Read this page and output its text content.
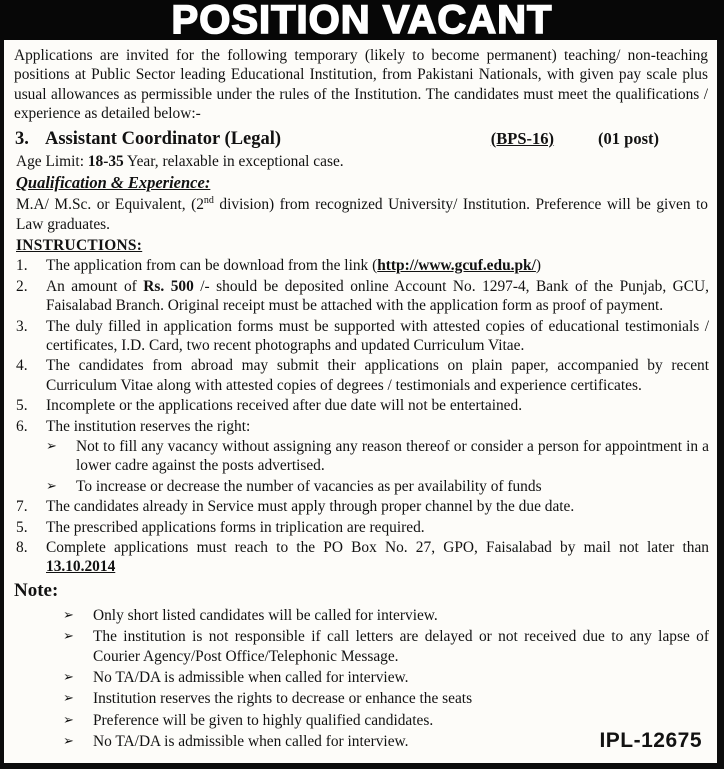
POSITION VACANT

Applications are invited for the following temporary (likely to become permanent) teaching/ non-teaching positions at Public Sector leading Educational Institution, from Pakistani Nationals, with given pay scale plus usual allowances as permissible under the rules of the Institution. The candidates must meet the qualifications / experience as detailed below:-

3. Assistant Coordinator (Legal)	(BPS-16)	(01 post)

Age Limit: 18-35 Year, relaxable in exceptional case.

Qualification & Experience:

M.A/ M.Sc. or Equivalent, (2nd division) from recognized University/ Institution. Preference will be given to Law graduates.

INSTRUCTIONS:
1.	The application from can be download from the link (http://www.gcuf.edu.pk/)
2.	An amount of Rs. 500 /- should be deposited online Account No. 1297-4, Bank of the Punjab, GCU, Faisalabad Branch. Original receipt must be attached with the application form as proof of payment.
3.	The duly filled in application forms must be supported with attested copies of educational testimonials / certificates, I.D. Card, two recent photographs and updated Curriculum Vitae.
4.	The candidates from abroad may submit their applications on plain paper, accompanied by recent Curriculum Vitae along with attested copies of degrees / testimonials and experience certificates.
5.	Incomplete or the applications received after due date will not be entertained.
6.	The institution reserves the right:
➢	Not to fill any vacancy without assigning any reason thereof or consider a person for appointment in a lower cadre against the posts advertised.
➢	To increase or decrease the number of vacancies as per availability of funds
7.	The candidates already in Service must apply through proper channel by the due date.
5.	The prescribed applications forms in triplication are required.
8.	Complete applications must reach to the PO Box No. 27, GPO, Faisalabad by mail not later than 13.10.2014
Note:
➢	Only short listed candidates will be called for interview.
➢	The institution is not responsible if call letters are delayed or not received due to any lapse of Courier Agency/Post Office/Telephonic Message.
➢	No TA/DA is admissible when called for interview.
➢	Institution reserves the rights to decrease or enhance the seats
➢	Preference will be given to highly qualified candidates.
➢	No TA/DA is admissible when called for interview.	IPL-12675
